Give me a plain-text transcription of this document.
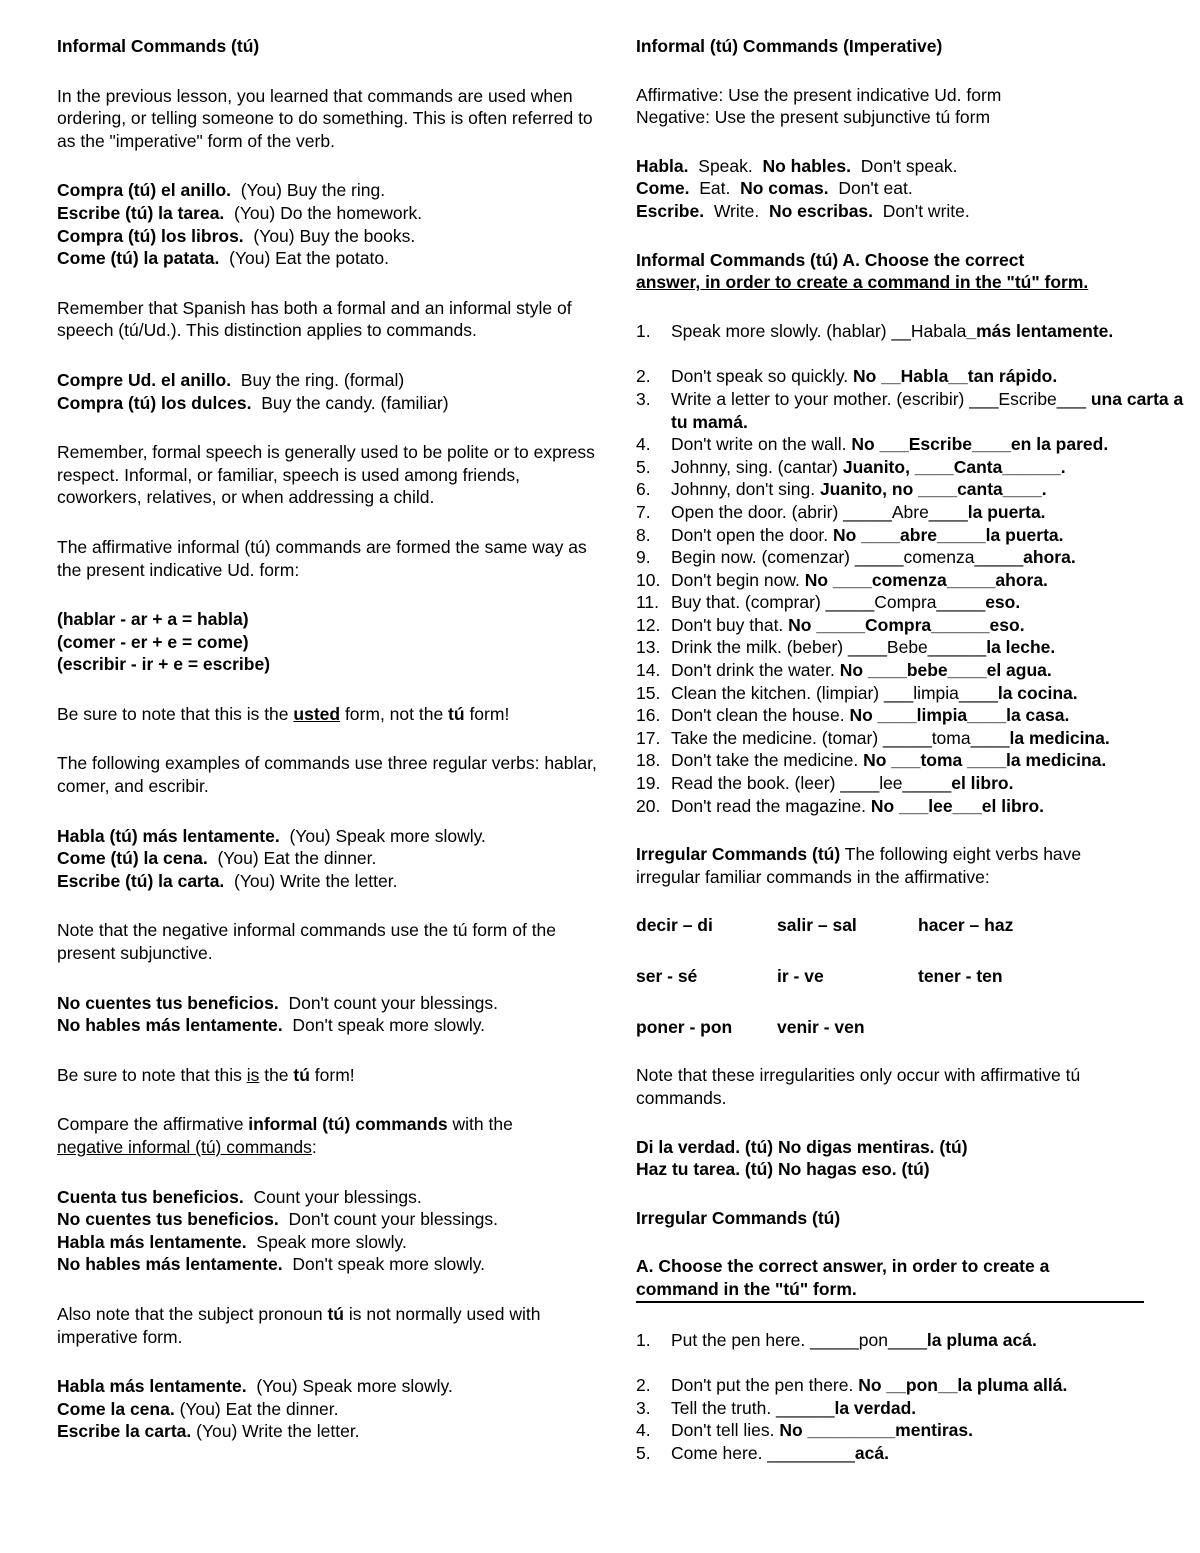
Informal Commands (tú)

In the previous lesson, you learned that commands are used when ordering, or telling someone to do something. This is often referred to as the "imperative" form of the verb.

Compra (tú) el anillo. (You) Buy the ring.

Escribe (tú) la tarea. (You) Do the homework.

Compra (tú) los libros. (You) Buy the books.

Come (tú) la patata. (You) Eat the potato.

Remember that Spanish has both a formal and an informal style of speech (tú/Ud.). This distinction applies to commands.

Compre Ud. el anillo. Buy the ring. (formal)

Compra (tú) los dulces. Buy the candy. (familiar)

Remember, formal speech is generally used to be polite or to express respect. Informal, or familiar, speech is used among friends, coworkers, relatives, or when addressing a child.

The affirmative informal (tú) commands are formed the same way as the present indicative Ud. form:

(hablar - ar + a = habla)

(comer - er + e = come)

(escribir - ir + e = escribe)

Be sure to note that this is the usted form, not the tú form!

The following examples of commands use three regular verbs: hablar, comer, and escribir.

Habla (tú) más lentamente. (You) Speak more slowly.

Come (tú) la cena. (You) Eat the dinner.

Escribe (tú) la carta. (You) Write the letter.

Note that the negative informal commands use the tú form of the present subjunctive.

No cuentes tus beneficios. Don't count your blessings.

No hables más lentamente. Don't speak more slowly.

Be sure to note that this is the tú form!

Compare the affirmative informal (tú) commands with the negative informal (tú) commands:

Cuenta tus beneficios. Count your blessings.

No cuentes tus beneficios. Don't count your blessings.

Habla más lentamente. Speak more slowly.

No hables más lentamente. Don't speak more slowly.

Also note that the subject pronoun tú is not normally used with imperative form.

Habla más lentamente. (You) Speak more slowly.

Come la cena. (You) Eat the dinner.

Escribe la carta. (You) Write the letter.

Informal (tú) Commands (Imperative)

Affirmative: Use the present indicative Ud. form

Negative: Use the present subjunctive tú form

Habla. Speak. No hables. Don't speak.

Come. Eat. No comas. Don't eat.

Escribe. Write. No escribas. Don't write.

Informal Commands (tú) A. Choose the correct

answer, in order to create a command in the "tú" form.

1. Speak more slowly. (hablar) __Habala_más lentamente.
2. Don't speak so quickly. No __Habla__tan rápido.
3. Write a letter to your mother. (escribir) ___Escribe___ una carta a tu mamá.
4. Don't write on the wall. No ___Escribe____en la pared.
5. Johnny, sing. (cantar) Juanito, ____Canta______.
6. Johnny, don't sing. Juanito, no ____canta____.
7. Open the door. (abrir) _____Abre____la puerta.
8. Don't open the door. No ____abre_____la puerta.
9. Begin now. (comenzar) _____comenza_____ahora.
10. Don't begin now. No ____comenza_____ahora.
11. Buy that. (comprar) _____Compra_____eso.
12. Don't buy that. No _____Compra______eso.
13. Drink the milk. (beber) ____Bebe______la leche.
14. Don't drink the water. No ____bebe____el agua.
15. Clean the kitchen. (limpiar) ___limpia____la cocina.
16. Don't clean the house. No ____limpia____la casa.
17. Take the medicine. (tomar) _____toma____la medicina.
18. Don't take the medicine. No ___toma ____la medicina.
19. Read the book. (leer) ____lee_____el libro.
20. Don't read the magazine. No ___lee___el libro.

Irregular Commands (tú) The following eight verbs have irregular familiar commands in the affirmative:

decir – di	salir – sal	hacer – haz
ser - sé	ir - ve	tener - ten
poner - pon	venir - ven

Note that these irregularities only occur with affirmative tú commands.

Di la verdad. (tú) No digas mentiras. (tú)

Haz tu tarea. (tú) No hagas eso. (tú)

Irregular Commands (tú)

A. Choose the correct answer, in order to create a

command in the "tú" form.

1. Put the pen here. _____pon____la pluma acá.
2. Don't put the pen there. No __pon__la pluma allá.
3. Tell the truth. ______la verdad.
4. Don't tell lies. No _________mentiras.
5. Come here. _________acá.
